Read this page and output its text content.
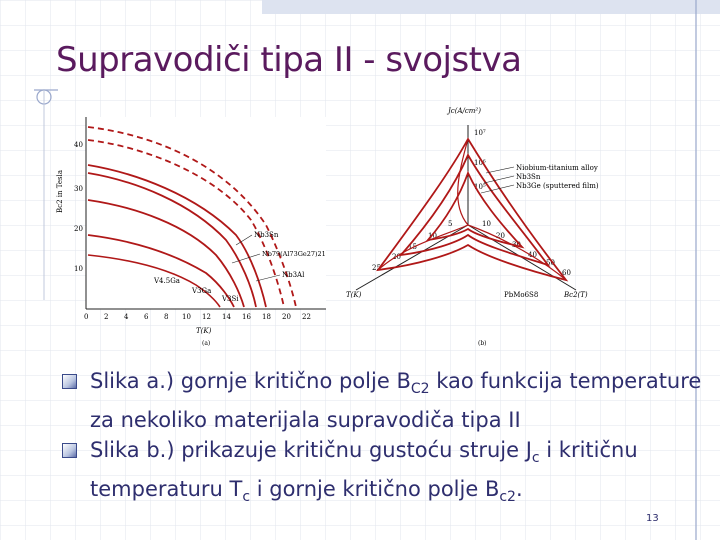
Supravodiči tipa II - svojstva
Bc2 in Tesla
40
30
20
10
0 2 4 6 8 10 12 14 16 18 20 22
T(K)
(a)
Nb3Sn
Nb79(Al73Ge27)21
Nb3Al
V4.5Ga
V3Ga
V3Si
Jc(A/cm²)
10⁷
10⁶
10⁵
T(K)	Bc2(T)
PbMo6S8
5
10
15
20
25
10
20
30
40
50
60
Niobium-titanium alloy
Nb3Sn
Nb3Ge (sputtered film)
(b)
Slika a.) gornje kritično polje $B_{C2}$ kao funkcija temperature za nekoliko materijala supravodiča tipa II
Slika b.) prikazuje kritičnu gustoću struje $J_c$ i kritičnu temperaturu $T_c$ i gornje kritično polje $B_{c2}$.
13
